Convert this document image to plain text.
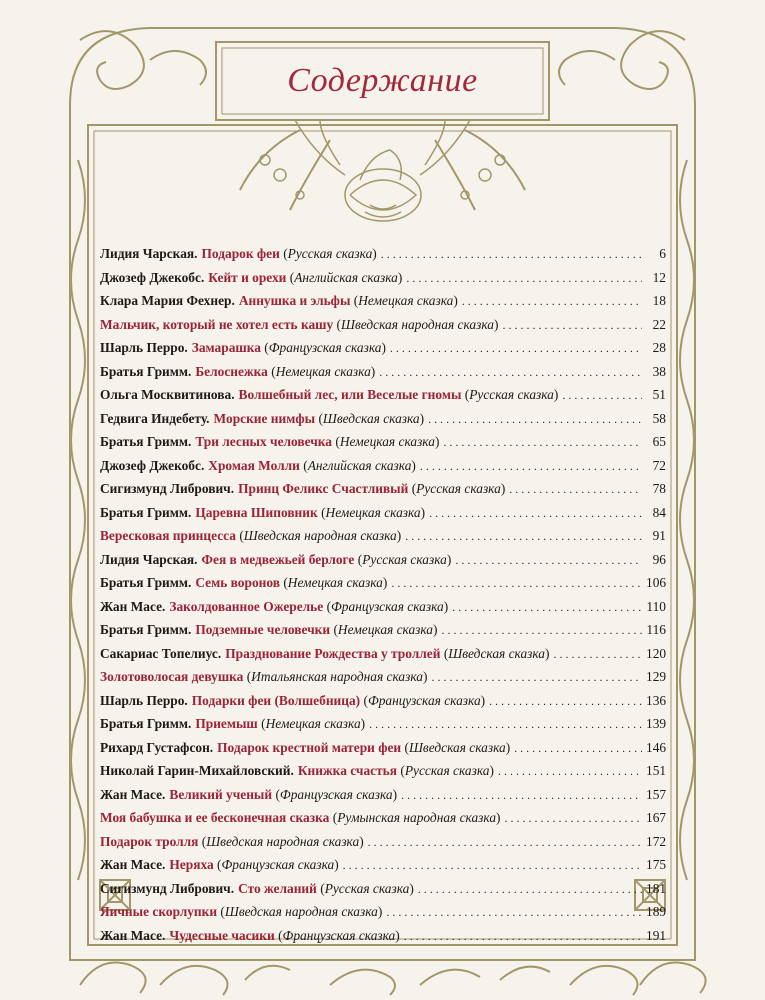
Содержание
Лидия Чарская. Подарок феи (Русская сказка) . . .	6
Джозеф Джекобс. Кейт и орехи (Английская сказка) . . .	12
Клара Мария Фехнер. Аннушка и эльфы (Немецкая сказка) . . .	18
Мальчик, который не хотел есть кашу (Шведская народная сказка) . . .	22
Шарль Перро. Замарашка (Французская сказка) . . .	28
Братья Гримм. Белоснежка (Немецкая сказка) . . .	38
Ольга Москвитинова. Волшебный лес, или Веселые гномы (Русская сказка) . . .	51
Гедвига Индебету. Морские нимфы (Шведская сказка) . . .	58
Братья Гримм. Три лесных человечка (Немецкая сказка) . . .	65
Джозеф Джекобс. Хромая Молли (Английская сказка) . . .	72
Сигизмунд Либрович. Принц Феликс Счастливый (Русская сказка) . . .	78
Братья Гримм. Царевна Шиповник (Немецкая сказка) . . .	84
Вересковая принцесса (Шведская народная сказка) . . .	91
Лидия Чарская. Фея в медвежьей берлоге (Русская сказка) . . .	96
Братья Гримм. Семь воронов (Немецкая сказка) . . .	106
Жан Масе. Заколдованное Ожерелье (Французская сказка) . . .	110
Братья Гримм. Подземные человечки (Немецкая сказка) . . .	116
Сакариас Топелиус. Празднование Рождества у троллей (Шведская сказка) . . .	120
Золотоволосая девушка (Итальянская народная сказка) . . .	129
Шарль Перро. Подарки феи (Волшебница) (Французская сказка) . . .	136
Братья Гримм. Приемыш (Немецкая сказка) . . .	139
Рихард Густафсон. Подарок крестной матери феи (Шведская сказка) . . .	146
Николай Гарин-Михайловский. Книжка счастья (Русская сказка) . . .	151
Жан Масе. Великий ученый (Французская сказка) . . .	157
Моя бабушка и ее бесконечная сказка (Румынская народная сказка) . . .	167
Подарок тролля (Шведская народная сказка) . . .	172
Жан Масе. Неряха (Французская сказка) . . .	175
Сигизмунд Либрович. Сто желаний (Русская сказка) . . .	181
Яичные скорлупки (Шведская народная сказка) . . .	189
Жан Масе. Чудесные часики (Французская сказка) . . .	191
